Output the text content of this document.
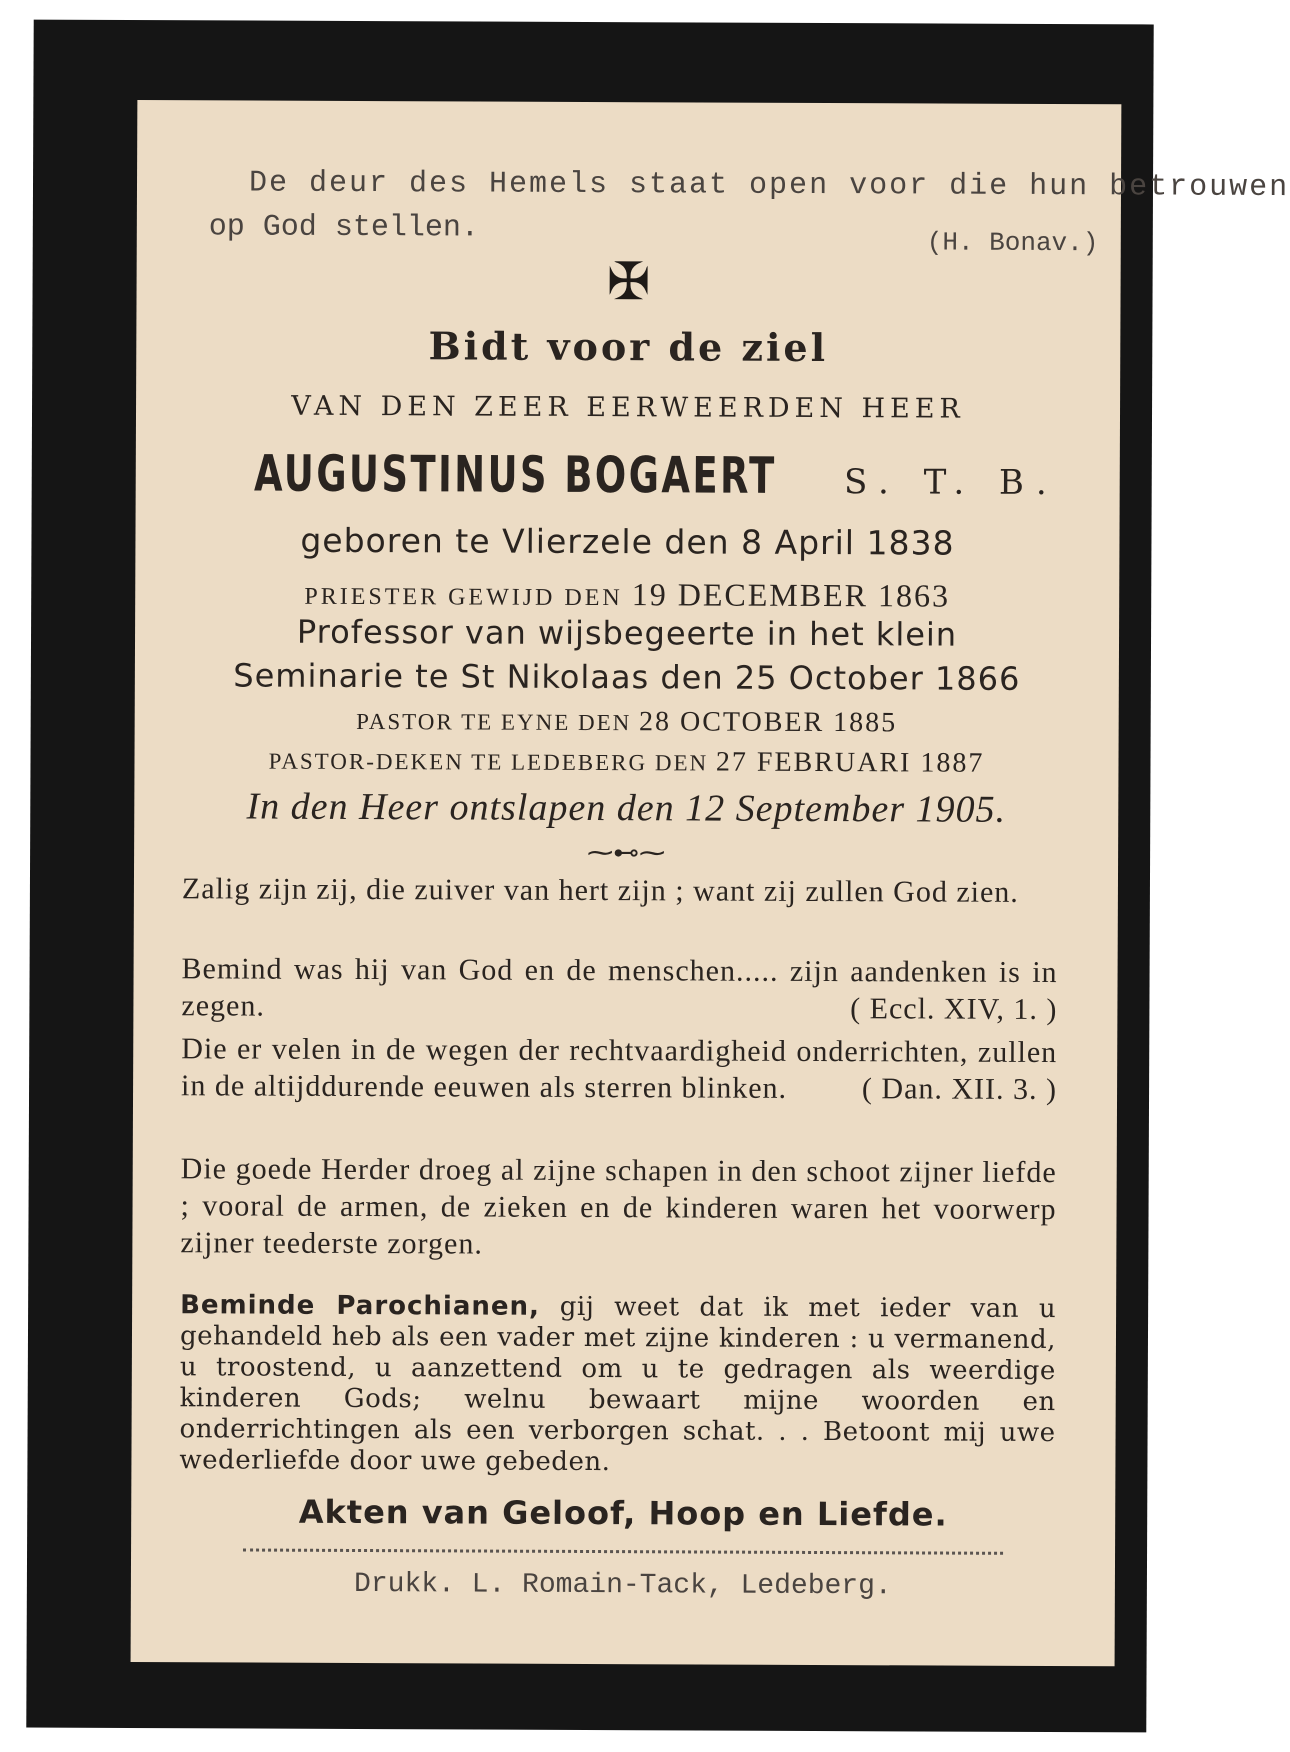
De deur des Hemels staat open voor die hun betrouwen
op God stellen.	(H. Bonav.)
✠
Bidt voor de ziel
VAN DEN ZEER EERWEERDEN HEER
AUGUSTINUS BOGAERT S. T. B.
geboren te Vlierzele den 8 April 1838
PRIESTER GEWIJD DEN 19 DECEMBER 1863
Professor van wijsbegeerte in het klein
Seminarie te St Nikolaas den 25 October 1866
PASTOR TE EYNE DEN 28 OCTOBER 1885
PASTOR-DEKEN TE LEDEBERG DEN 27 FEBRUARI 1887
In den Heer ontslapen den 12 September 1905.
⁓⊷⁓
Zalig zijn zij, die zuiver van hert zijn ; want zij zullen God zien.
Bemind was hij van God en de menschen..... zijn aandenken is in zegen.	( Eccl. XIV, 1. )
Die er velen in de wegen der rechtvaardigheid onderrichten, zullen in de altijddurende eeuwen als sterren blinken. ( Dan. XII. 3. )
Die goede Herder droeg al zijne schapen in den schoot zijner liefde ; vooral de armen, de zieken en de kinderen waren het voorwerp zijner teederste zorgen.
Beminde Parochianen, gij weet dat ik met ieder van u gehandeld heb als een vader met zijne kinderen : u vermanend, u troostend, u aanzettend om u te gedragen als weerdige kinderen Gods; welnu bewaart mijne woorden en onderrichtingen als een verborgen schat. . . Betoont mij uwe wederliefde door uwe gebeden.
Akten van Geloof, Hoop en Liefde.
Drukk. L. Romain-Tack, Ledeberg.
